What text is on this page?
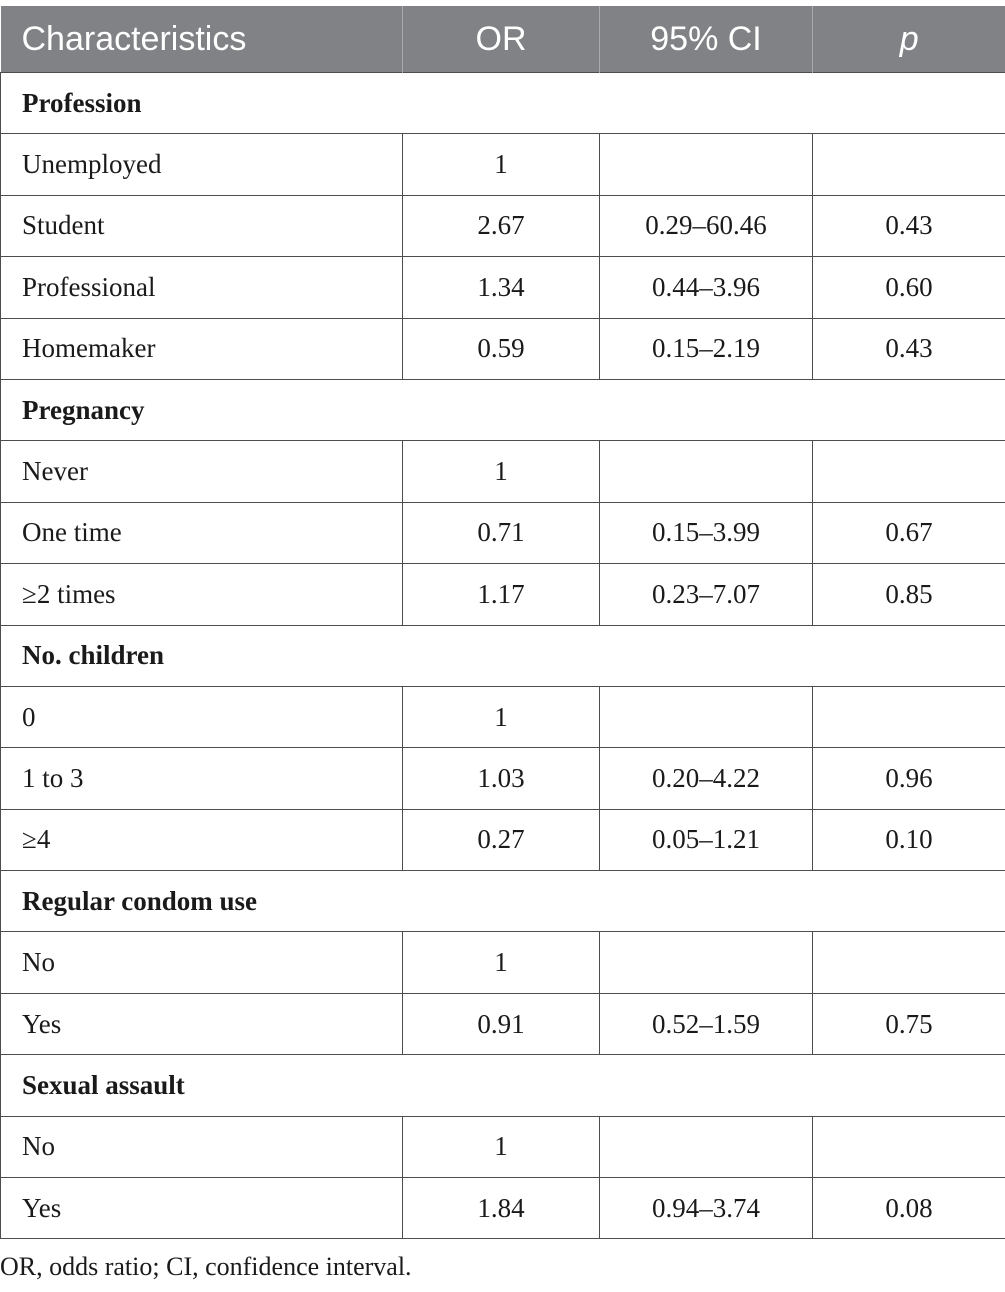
Characteristics	OR	95% CI	p
Profession			
Unemployed	1		
Student	2.67	0.29–60.46	0.43
Professional	1.34	0.44–3.96	0.60
Homemaker	0.59	0.15–2.19	0.43
Pregnancy			
Never	1		
One time	0.71	0.15–3.99	0.67
≥2 times	1.17	0.23–7.07	0.85
No. children			
0	1		
1 to 3	1.03	0.20–4.22	0.96
≥4	0.27	0.05–1.21	0.10
Regular condom use			
No	1		
Yes	0.91	0.52–1.59	0.75
Sexual assault			
No	1		
Yes	1.84	0.94–3.74	0.08
OR, odds ratio; CI, confidence interval.
